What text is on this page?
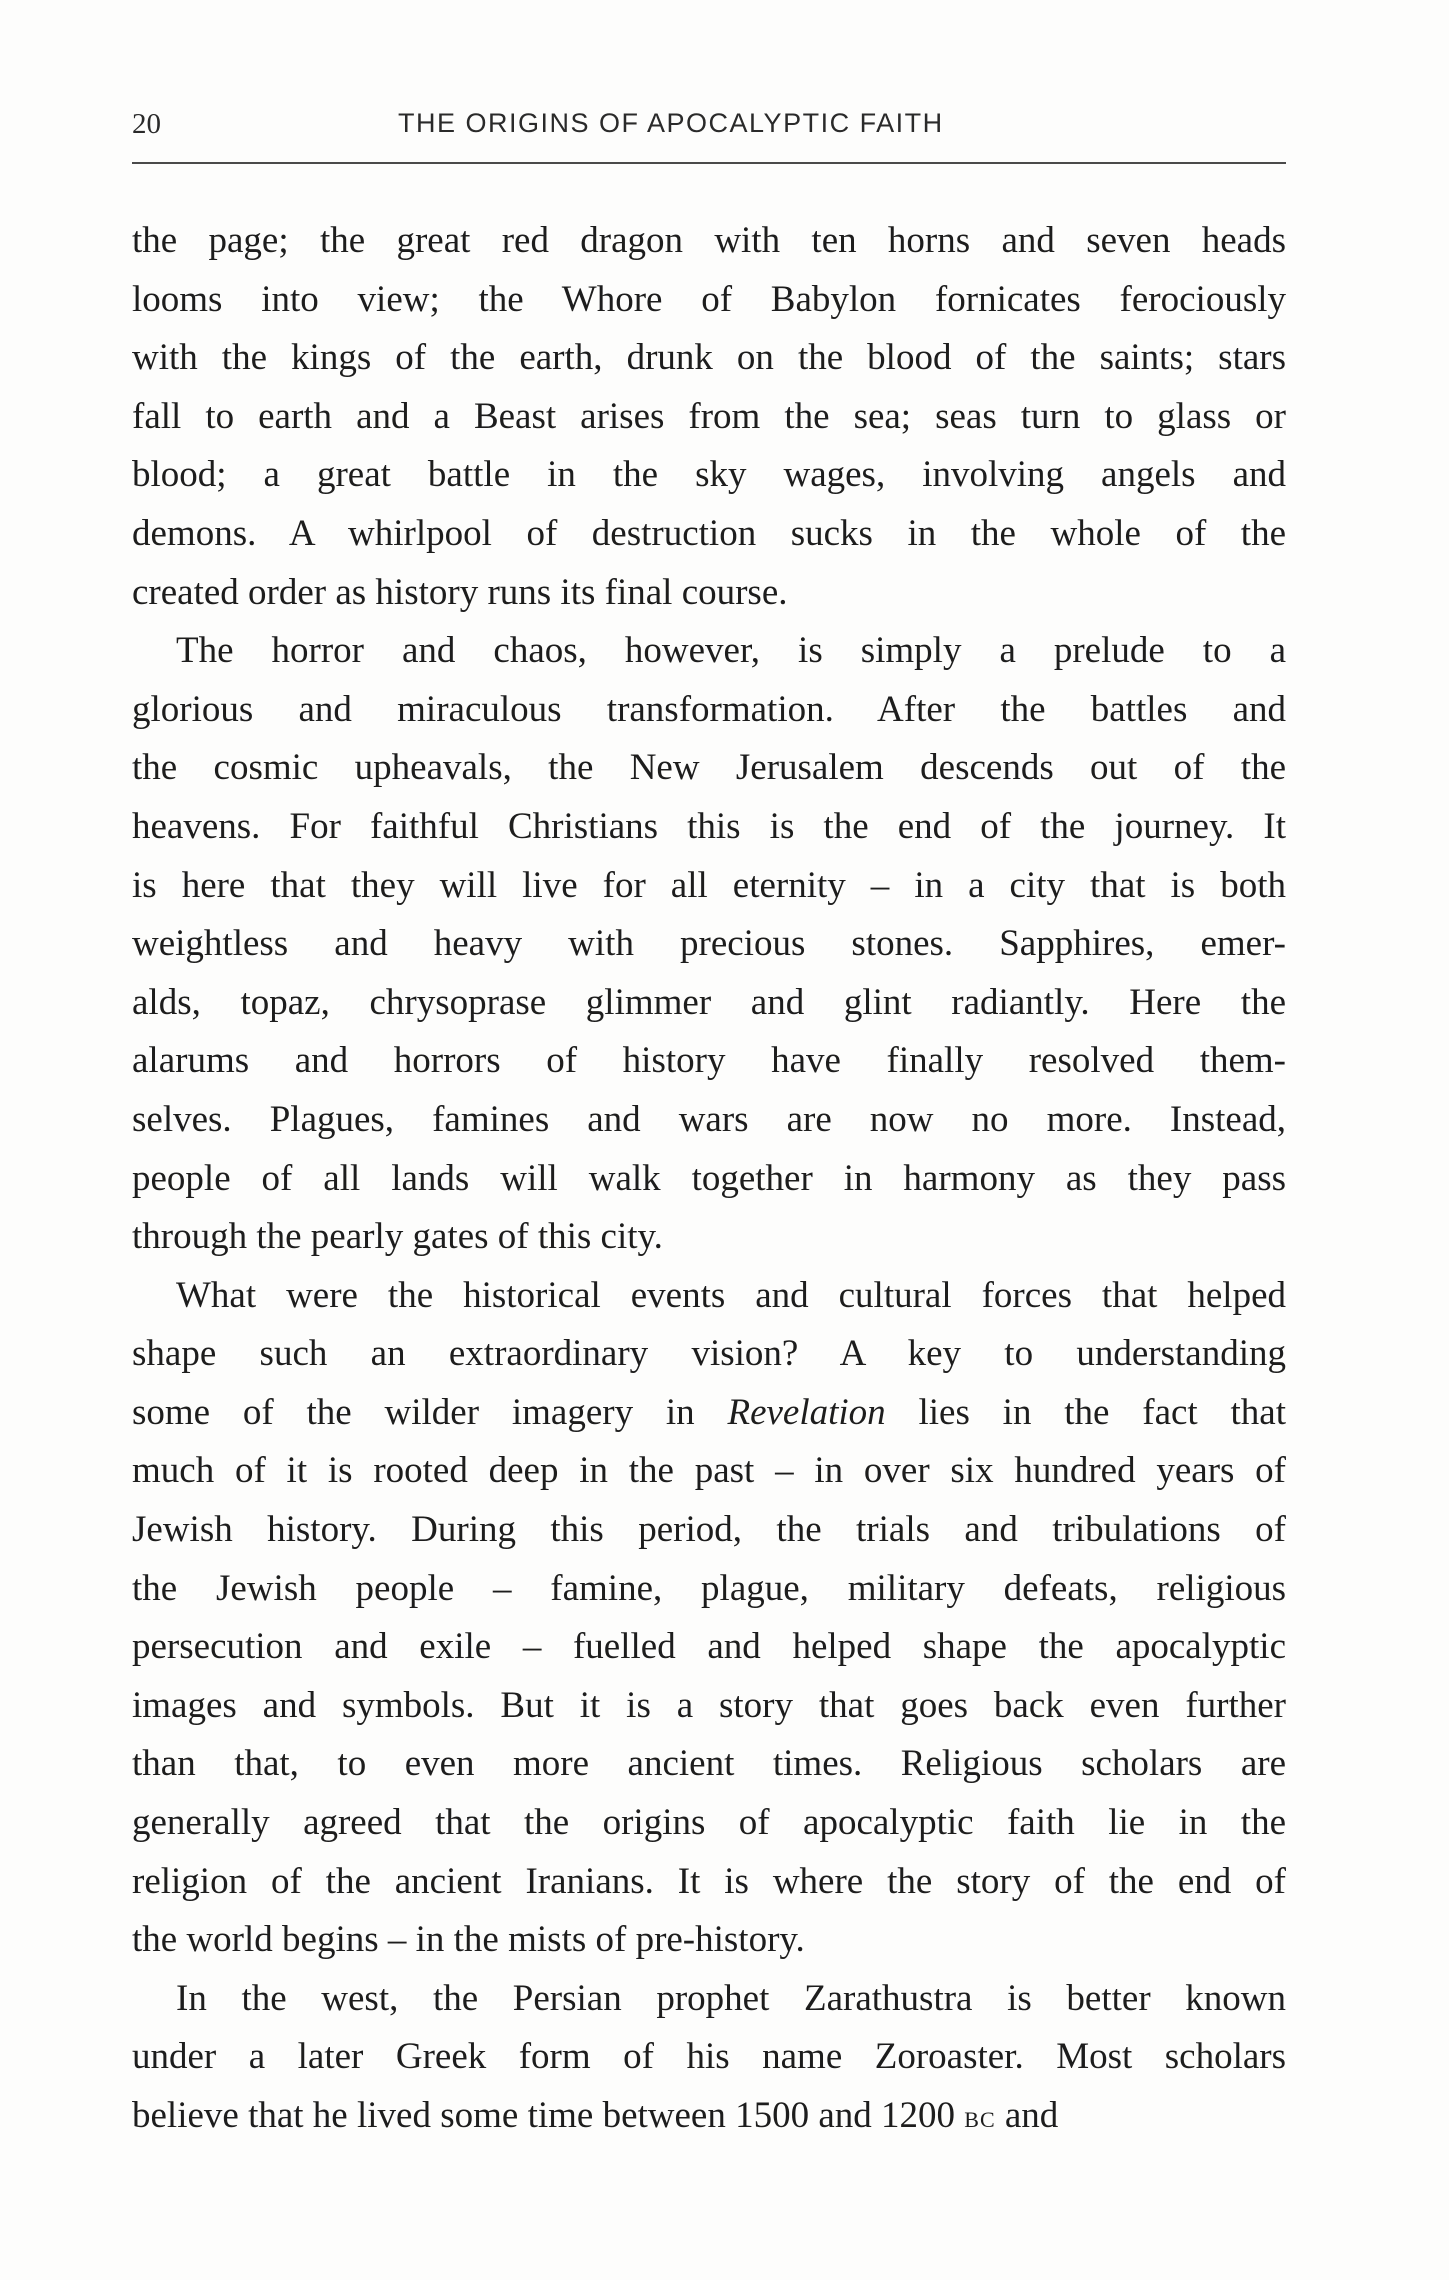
20	THE ORIGINS OF APOCALYPTIC FAITH
the page; the great red dragon with ten horns and seven heads
looms into view; the Whore of Babylon fornicates ferociously
with the kings of the earth, drunk on the blood of the saints; stars
fall to earth and a Beast arises from the sea; seas turn to glass or
blood; a great battle in the sky wages, involving angels and
demons. A whirlpool of destruction sucks in the whole of the
created order as history runs its final course.
The horror and chaos, however, is simply a prelude to a
glorious and miraculous transformation. After the battles and
the cosmic upheavals, the New Jerusalem descends out of the
heavens. For faithful Christians this is the end of the journey. It
is here that they will live for all eternity – in a city that is both
weightless and heavy with precious stones. Sapphires, emer-
alds, topaz, chrysoprase glimmer and glint radiantly. Here the
alarums and horrors of history have finally resolved them-
selves. Plagues, famines and wars are now no more. Instead,
people of all lands will walk together in harmony as they pass
through the pearly gates of this city.
What were the historical events and cultural forces that helped
shape such an extraordinary vision? A key to understanding
some of the wilder imagery in Revelation lies in the fact that
much of it is rooted deep in the past – in over six hundred years of
Jewish history. During this period, the trials and tribulations of
the Jewish people – famine, plague, military defeats, religious
persecution and exile – fuelled and helped shape the apocalyptic
images and symbols. But it is a story that goes back even further
than that, to even more ancient times. Religious scholars are
generally agreed that the origins of apocalyptic faith lie in the
religion of the ancient Iranians. It is where the story of the end of
the world begins – in the mists of pre-history.
In the west, the Persian prophet Zarathustra is better known
under a later Greek form of his name Zoroaster. Most scholars
believe that he lived some time between 1500 and 1200 bc and
